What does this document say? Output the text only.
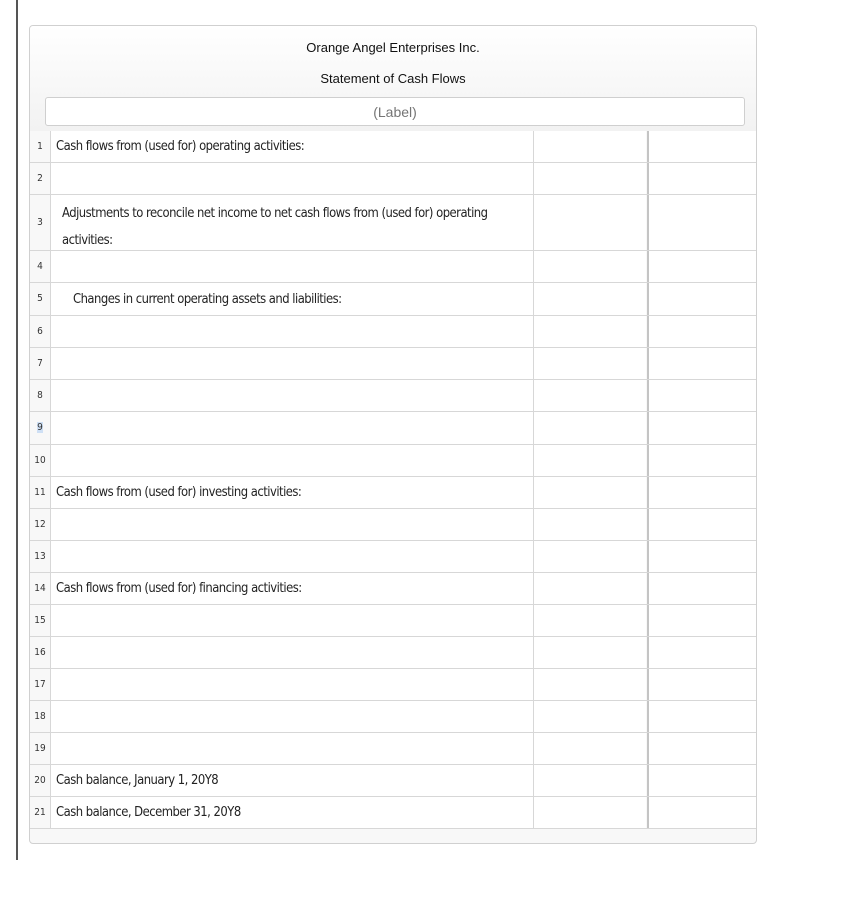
Orange Angel Enterprises Inc.
Statement of Cash Flows
(Label)
1 Cash flows from (used for) operating activities:
2
3
Adjustments to reconcile net income to net cash flows from (used for) operating activities:
4
5	Changes in current operating assets and liabilities:
6
7
8
9
10
11 Cash flows from (used for) investing activities:
12
13
14 Cash flows from (used for) financing activities:
15
16
17
18
19
20 Cash balance, January 1, 20Y8
21 Cash balance, December 31, 20Y8
